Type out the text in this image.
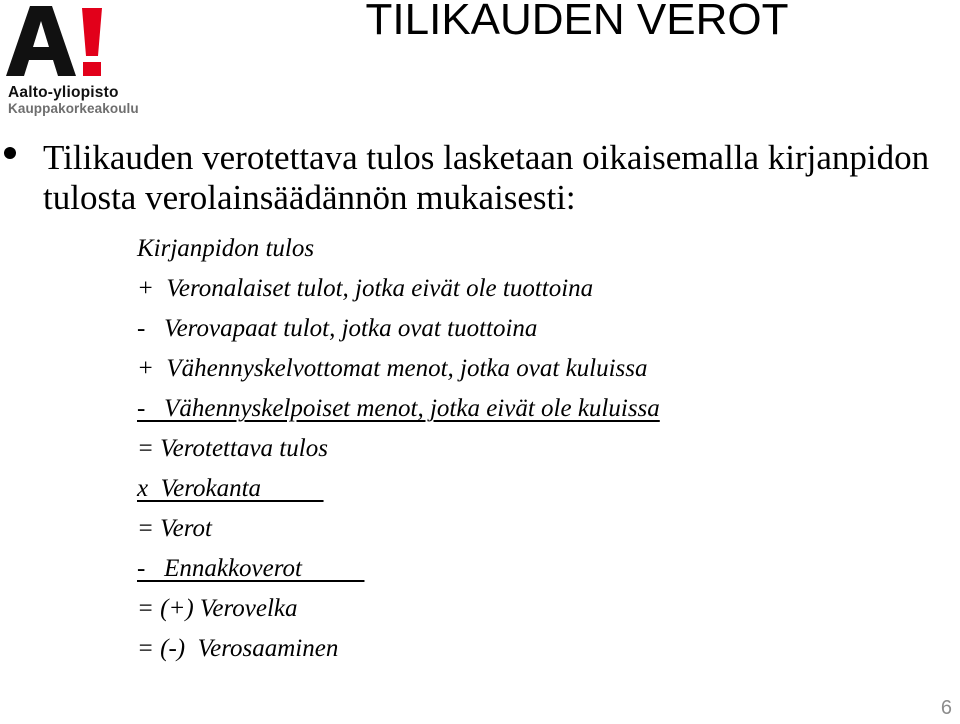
Aalto-yliopisto

Kauppakorkeakoulu

TILIKAUDEN VEROT

Tilikauden verotettava tulos lasketaan oikaisemalla kirjanpidon tulosta verolainsäädännön mukaisesti:

Kirjanpidon tulos
+  Veronalaiset tulot, jotka eivät ole tuottoina
-   Verovapaat tulot, jotka ovat tuottoina
+  Vähennyskelvottomat menot, jotka ovat kuluissa
-   Vähennyskelpoiset menot, jotka eivät ole kuluissa
= Verotettava tulos
x  Verokanta
= Verot
-   Ennakkoverot
= (+) Verovelka
= (-)  Verosaaminen

6
